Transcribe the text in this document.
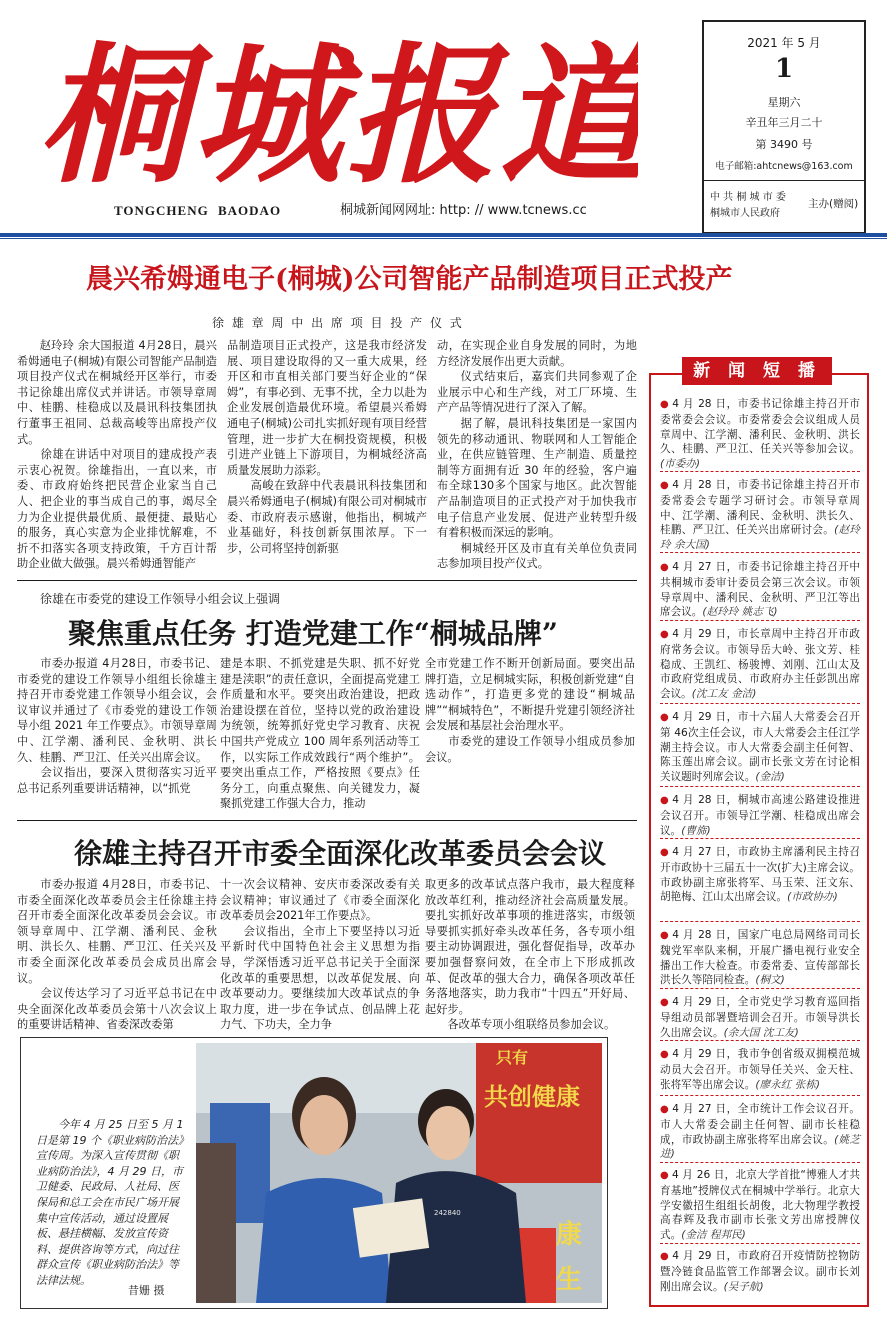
桐城报道
TONGCHENG BAODAO	桐城新闻网网址: http: // www.tcnews.cc
2021 年 5 月
1
星期六
辛丑年三月二十
第 3490 号
电子邮箱:ahtcnews@163.com
中 共 桐 城 市 委
桐城市人民政府
主办(赠阅)
晨兴希姆通电子(桐城)公司智能产品制造项目正式投产
徐 雄 章 周 中 出 席 项 目 投 产 仪 式
　　赵玲玲 余大国报道 4月28日，晨兴希姆通电子(桐城)有限公司智能产品制造项目投产仪式在桐城经开区举行，市委书记徐雄出席仪式并讲话。市领导章周中、桂鹏、桂稳成以及晨讯科技集团执行董事王祖同、总裁高峻等出席投产仪式。
　　徐雄在讲话中对项目的建成投产表示衷心祝贺。徐雄指出，一直以来，市委、市政府始终把民营企业家当自己人、把企业的事当成自己的事，竭尽全力为企业提供最优质、最便捷、最贴心的服务，真心实意为企业排忧解难，不折不扣落实各项支持政策，千方百计帮助企业做大做强。晨兴希姆通智能产
品制造项目正式投产，这是我市经济发展、项目建设取得的又一重大成果，经开区和市直相关部门要当好企业的“保姆”，有事必到、无事不扰，全力以赴为企业发展创造最优环境。希望晨兴希姆通电子(桐城)公司扎实抓好现有项目经营管理，进一步扩大在桐投资规模，积极引进产业链上下游项目，为桐城经济高质量发展助力添彩。
　　高峻在致辞中代表晨讯科技集团和晨兴希姆通电子(桐城)有限公司对桐城市委、市政府表示感谢，他指出，桐城产业基础好，科技创新氛围浓厚。下一步，公司将坚持创新驱
动，在实现企业自身发展的同时，为地方经济发展作出更大贡献。
　　仪式结束后，嘉宾们共同参观了企业展示中心和生产线，对工厂环境、生产产品等情况进行了深入了解。
　　据了解，晨讯科技集团是一家国内领先的移动通讯、物联网和人工智能企业，在供应链管理、生产制造、质量控制等方面拥有近 30 年的经验，客户遍布全球130多个国家与地区。此次智能产品制造项目的正式投产对于加快我市电子信息产业发展、促进产业转型升级有着积极而深远的影响。
　　桐城经开区及市直有关单位负责同志参加项目投产仪式。
徐雄在市委党的建设工作领导小组会议上强调
聚焦重点任务 打造党建工作“桐城品牌”
　　市委办报道 4月28日，市委书记、市委党的建设工作领导小组组长徐雄主持召开市委党建工作领导小组会议，会议审议并通过了《市委党的建设工作领导小组 2021 年工作要点》。市领导章周中、江学潮、潘利民、金秋明、洪长久、桂鹏、严卫江、任关兴出席会议。
　　会议指出，要深入贯彻落实习近平总书记系列重要讲话精神，以“抓党
建是本职、不抓党建是失职、抓不好党建是渎职”的责任意识，全面提高党建工作质量和水平。要突出政治建设，把政治建设摆在首位，坚持以党的政治建设为统领，统筹抓好党史学习教育、庆祝中国共产党成立 100 周年系列活动等工作，以实际工作成效践行“两个维护”。要突出重点工作，严格按照《要点》任务分工，向重点聚焦、向关键发力，凝聚抓党建工作强大合力，推动
全市党建工作不断开创新局面。要突出品牌打造，立足桐城实际，积极创新党建“自选动作”，打造更多党的建设“桐城品牌”“桐城特色”，不断提升党建引领经济社会发展和基层社会治理水平。
　　市委党的建设工作领导小组成员参加会议。
徐雄主持召开市委全面深化改革委员会会议
　　市委办报道 4月28日，市委书记、市委全面深化改革委员会主任徐雄主持召开市委全面深化改革委员会会议。市领导章周中、江学潮、潘利民、金秋明、洪长久、桂鹏、严卫江、任关兴及市委全面深化改革委员会成员出席会议。
　　会议传达学习了习近平总书记在中央全面深化改革委员会第十八次会议上的重要讲话精神、省委深改委第
十一次会议精神、安庆市委深改委有关会议精神；审议通过了《市委全面深化改革委员会2021年工作要点》。
　　会议指出，全市上下要坚持以习近平新时代中国特色社会主义思想为指导，学深悟透习近平总书记关于全面深化改革的重要思想，以改革促发展、向改革要动力。要继续加大改革试点的争取力度，进一步在争试点、创品牌上花力气、下功夫，全力争
取更多的改革试点落户我市，最大程度释放改革红利，推动经济社会高质量发展。要扎实抓好改革事项的推进落实，市级领导要抓实抓好牵头改革任务，各专项小组要主动协调跟进，强化督促指导，改革办要加强督察问效，在全市上下形成抓改革、促改革的强大合力，确保各项改革任务落地落实，助力我市“十四五”开好局、起好步。
　　各改革专项小组联络员参加会议。
　　今年 4 月 25 日至 5 月 1 日是第 19 个《职业病防治法》宣传周。为深入宣传贯彻《职业病防治法》，4 月 29 日，市卫健委、民政局、人社局、医保局和总工会在市民广场开展集中宣传活动，通过设置展板、悬挂横幅、发放宣传资料、提供咨询等方式，向过往群众宣传《职业病防治法》等法律法规。
昔姗 摄
只有
共创健康
康
生
242840
新 闻 短 播
● 4 月 28 日，市委书记徐雄主持召开市委常委会会议。市委常委会会议组成人员章周中、江学潮、潘利民、金秋明、洪长久、桂鹏、严卫江、任关兴等参加会议。(市委办)
● 4 月 28 日，市委书记徐雄主持召开市委常委会专题学习研讨会。市领导章周中、江学潮、潘利民、金秋明、洪长久、桂鹏、严卫江、任关兴出席研讨会。(赵玲玲 余大国)
● 4 月 27 日，市委书记徐雄主持召开中共桐城市委审计委员会第三次会议。市领导章周中、潘利民、金秋明、严卫江等出席会议。(赵玲玲 姚志飞)
● 4 月 29 日，市长章周中主持召开市政府常务会议。市领导岳大岭、张文芳、桂稳成、王凯红、杨骏博、刘刚、江山太及市政府党组成员、市政府办主任彭凯出席会议。(沈工友 金洁)
● 4 月 29 日，市十六届人大常委会召开第 46次主任会议，市人大常委会主任江学潮主持会议。市人大常委会副主任何智、陈玉莲出席会议。副市长张文芳在讨论相关议题时列席会议。(金洁)
● 4 月 28 日，桐城市高速公路建设推进会议召开。市领导江学潮、桂稳成出席会议。(曹旆)
● 4 月 27 日，市政协主席潘利民主持召开市政协十三届五十一次(扩大)主席会议。市政协副主席张将军、马玉荣、汪文东、胡艳梅、江山太出席会议。(市政协办)
● 4 月 28 日，国家广电总局网络司司长魏党军率队来桐，开展广播电视行业安全播出工作大检查。市委常委、宣传部部长洪长久等陪同检查。(桐文)
● 4 月 29 日，全市党史学习教育巡回指导组动员部署暨培训会召开。市领导洪长久出席会议。(余大国 沈工友)
● 4 月 29 日，我市争创省级双拥模范城动员大会召开。市领导任关兴、金天柱、张将军等出席会议。(廖永红 张栋)
● 4 月 27 日，全市统计工作会议召开。市人大常委会副主任何智、副市长桂稳成，市政协副主席张将军出席会议。(姚芝进)
● 4 月 26 日，北京大学首批“博雅人才共育基地”授牌仪式在桐城中学举行。北京大学安徽招生组组长胡俊，北大物理学教授高春辉及我市副市长张文芳出席授牌仪式。(金洁 程邦民)
● 4 月 29 日，市政府召开疫情防控物防暨冷链食品监管工作部署会议。副市长刘刚出席会议。(吴子航)
